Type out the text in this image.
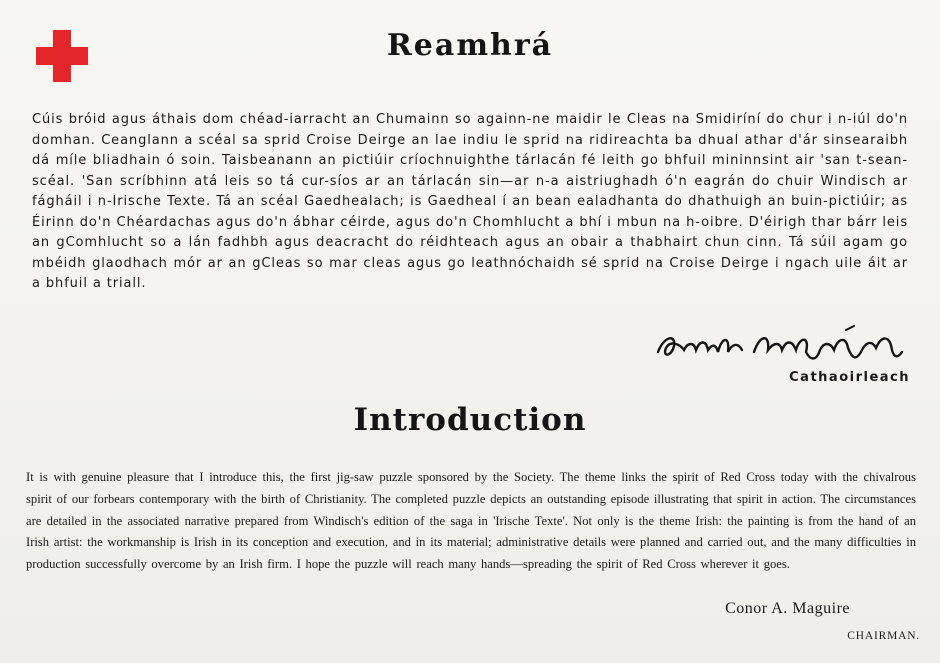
Reamhrá
Cúis bróid agus áthais dom chéad-iarracht an Chumainn so againn-ne maidir le Cleas na Smidiríní do chur i n-iúl do'n domhan. Ceanglann a scéal sa sprid Croise Deirge an lae indiu le sprid na ridireachta ba dhual athar d'ár sinsearaibh dá míle bliadhain ó soin. Taisbeanann an pictiúir críochnuighthe tárlacán fé leith go bhfuil mininnsint air 'san t-sean-scéal. 'San scríbhinn atá leis so tá cur-síos ar an tárlacán sin—ar n-a aistriughadh ó'n eagrán do chuir Windisch ar fágháil i n-Irische Texte. Tá an scéal Gaedhealach; is Gaedheal í an bean ealadhanta do dhathuigh an buin-pictiúir; as Éirinn do'n Chéardachas agus do'n ábhar céirde, agus do'n Chomhlucht a bhí i mbun na h-oibre. D'éirigh thar bárr leis an gComhlucht so a lán fadhbh agus deacracht do réidhteach agus an obair a thabhairt chun cinn. Tá súil agam go mbéidh glaodhach mór ar an gCleas so mar cleas agus go leathnóchaidh sé sprid na Croise Deirge i ngach uile áit ar a bhfuil a triall.
Cathaoirleach
Introduction
It is with genuine pleasure that I introduce this, the first jig-saw puzzle sponsored by the Society. The theme links the spirit of Red Cross today with the chivalrous spirit of our forbears contemporary with the birth of Christianity. The completed puzzle depicts an outstanding episode illustrating that spirit in action. The circumstances are detailed in the associated narrative prepared from Windisch's edition of the saga in 'Irische Texte'. Not only is the theme Irish: the painting is from the hand of an Irish artist: the workmanship is Irish in its conception and execution, and in its material; administrative details were planned and carried out, and the many difficulties in production successfully overcome by an Irish firm. I hope the puzzle will reach many hands—spreading the spirit of Red Cross wherever it goes.
Conor A. Maguire
CHAIRMAN.
